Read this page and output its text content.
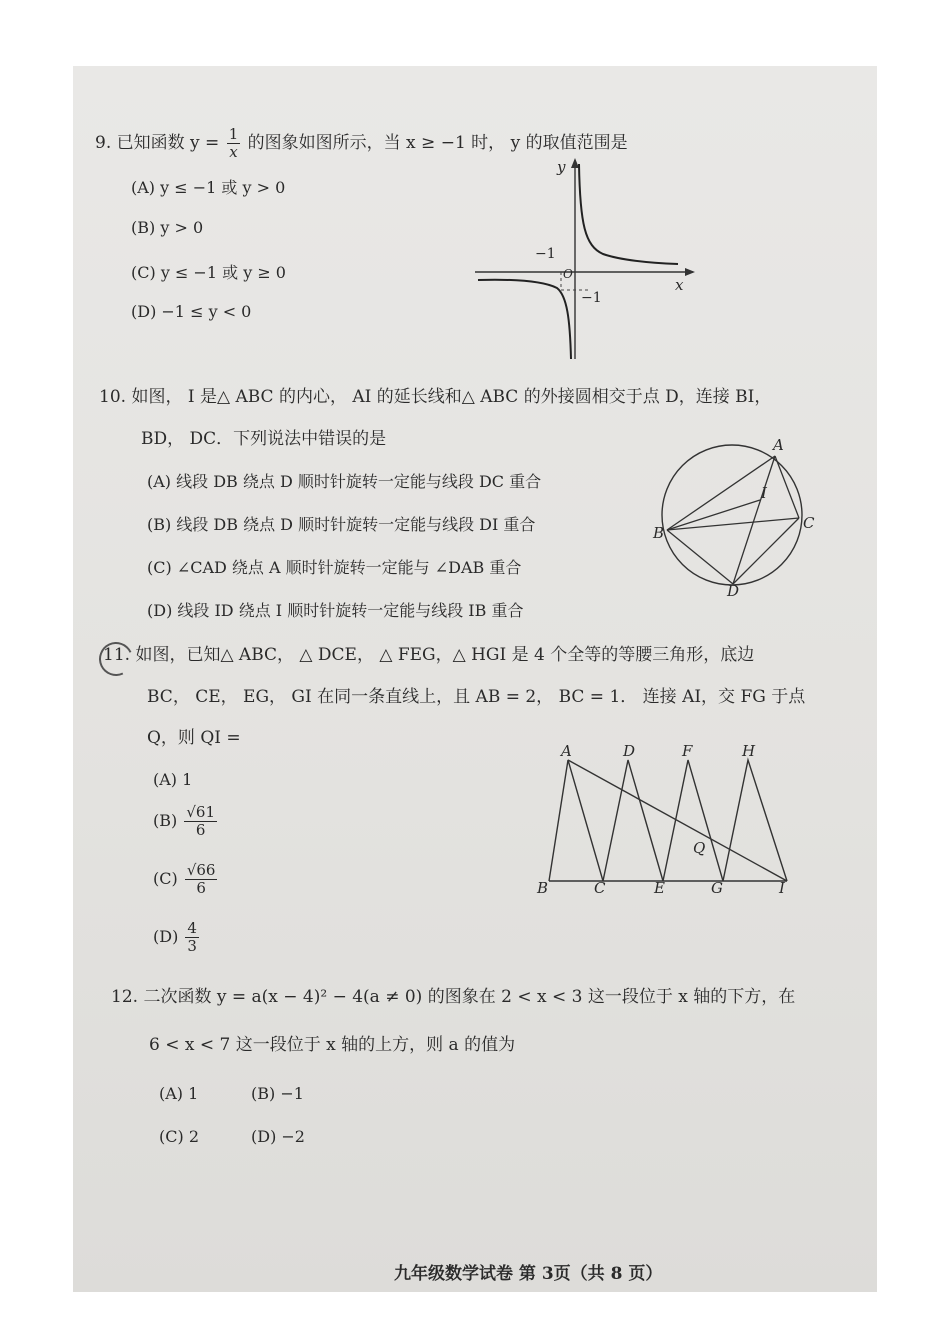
9. 已知函数 $y = \frac{1}{x}$ 的图象如图所示，当 x ≥ −1 时， y 的取值范围是
(A) y ≤ −1 或 y > 0
(B) y > 0
(C) y ≤ −1 或 y ≥ 0
(D) −1 ≤ y < 0
y
x
−1
O
−1
10. 如图， I 是△ ABC 的内心， AI 的延长线和△ ABC 的外接圆相交于点 D，连接 BI，
BD， DC．下列说法中错误的是
(A) 线段 DB 绕点 D 顺时针旋转一定能与线段 DC 重合
(B) 线段 DB 绕点 D 顺时针旋转一定能与线段 DI 重合
(C) ∠CAD 绕点 A 顺时针旋转一定能与 ∠DAB 重合
(D) 线段 ID 绕点 I 顺时针旋转一定能与线段 IB 重合
A
I
B
C
D
11. 如图，已知△ ABC， △ DCE， △ FEG，△ HGI 是 4 个全等的等腰三角形，底边
BC， CE， EG， GI 在同一条直线上，且 AB = 2， BC = 1． 连接 AI，交 FG 于点
Q，则 QI =
(A) 1
$(B) \frac{√61}{6}$
$(C) \frac{√66}{6}$
$(D) \frac{4}{3}$
A	D	F	H
Q
B	C	E	G	I
12. 二次函数 y = a(x − 4)² − 4(a ≠ 0) 的图象在 2 < x < 3 这一段位于 x 轴的下方，在
6 < x < 7 这一段位于 x 轴的上方，则 a 的值为
(A) 1	(B) −1
(C) 2	(D) −2
九年级数学试卷 第 3页（共 8 页）
